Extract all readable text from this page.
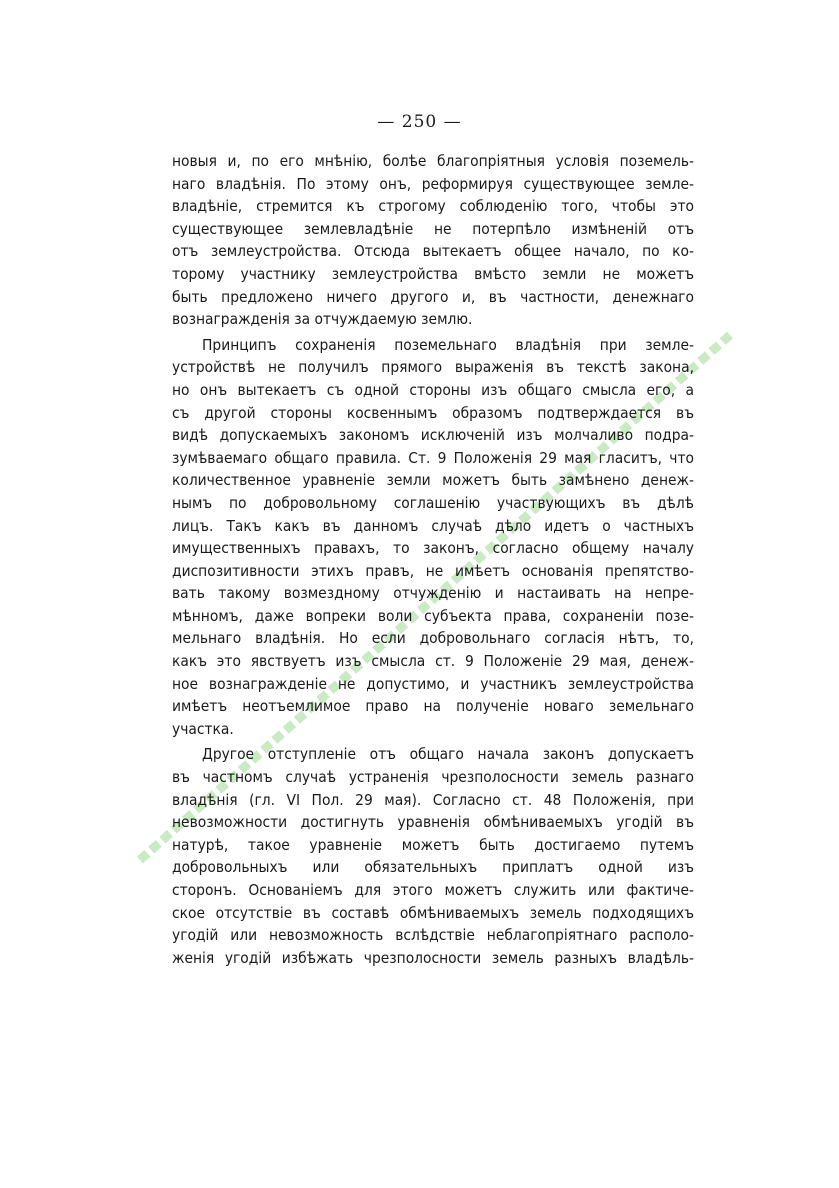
— 250 —
новыя и, по его мнѣнію, болѣе благопріятныя условія поземель-
наго владѣнія. По этому онъ, реформируя существующее земле-
владѣніе, стремится къ строгому соблюденію того, чтобы это
существующее землевладѣніе не потерпѣло измѣненій отъ
отъ землеустройства. Отсюда вытекаетъ общее начало, по ко-
торому участнику землеустройства вмѣсто земли не можетъ
быть предложено ничего другого и, въ частности, денежнаго
вознагражденія за отчуждаемую землю.
Принципъ сохраненія поземельнаго владѣнія при земле-
устройствѣ не получилъ прямого выраженія въ текстѣ закона,
но онъ вытекаетъ съ одной стороны изъ общаго смысла его, а
съ другой стороны косвеннымъ образомъ подтверждается въ
видѣ допускаемыхъ закономъ исключеній изъ молчаливо подра-
зумѣваемаго общаго правила. Ст. 9 Положенія 29 мая гласитъ, что
количественное уравненіе земли можетъ быть замѣнено денеж-
нымъ по добровольному соглашенію участвующихъ въ дѣлѣ
лицъ. Такъ какъ въ данномъ случаѣ дѣло идетъ о частныхъ
имущественныхъ правахъ, то законъ, согласно общему началу
диспозитивности этихъ правъ, не имѣетъ основанія препятство-
вать такому возмездному отчужденію и настаивать на непре-
мѣнномъ, даже вопреки воли субъекта права, сохраненіи позе-
мельнаго владѣнія. Но если добровольнаго согласія нѣтъ, то,
какъ это явствуетъ изъ смысла ст. 9 Положеніе 29 мая, денеж-
ное вознагражденіе не допустимо, и участникъ землеустройства
имѣетъ неотъемлимое право на полученіе новаго земельнаго
участка.
Другое отступленіе отъ общаго начала законъ допускаетъ
въ частномъ случаѣ устраненія чрезполосности земель разнаго
владѣнія (гл. VI Пол. 29 мая). Согласно ст. 48 Положенія, при
невозможности достигнуть уравненія обмѣниваемыхъ угодій въ
натурѣ, такое уравненіе можетъ быть достигаемо путемъ
добровольныхъ или обязательныхъ приплатъ одной изъ
сторонъ. Основаніемъ для этого можетъ служить или фактиче-
ское отсутствіе въ составѣ обмѣниваемыхъ земель подходящихъ
угодій или невозможность вслѣдствіе неблагопріятнаго располо-
женія угодій избѣжать чрезполосности земель разныхъ владѣль-
